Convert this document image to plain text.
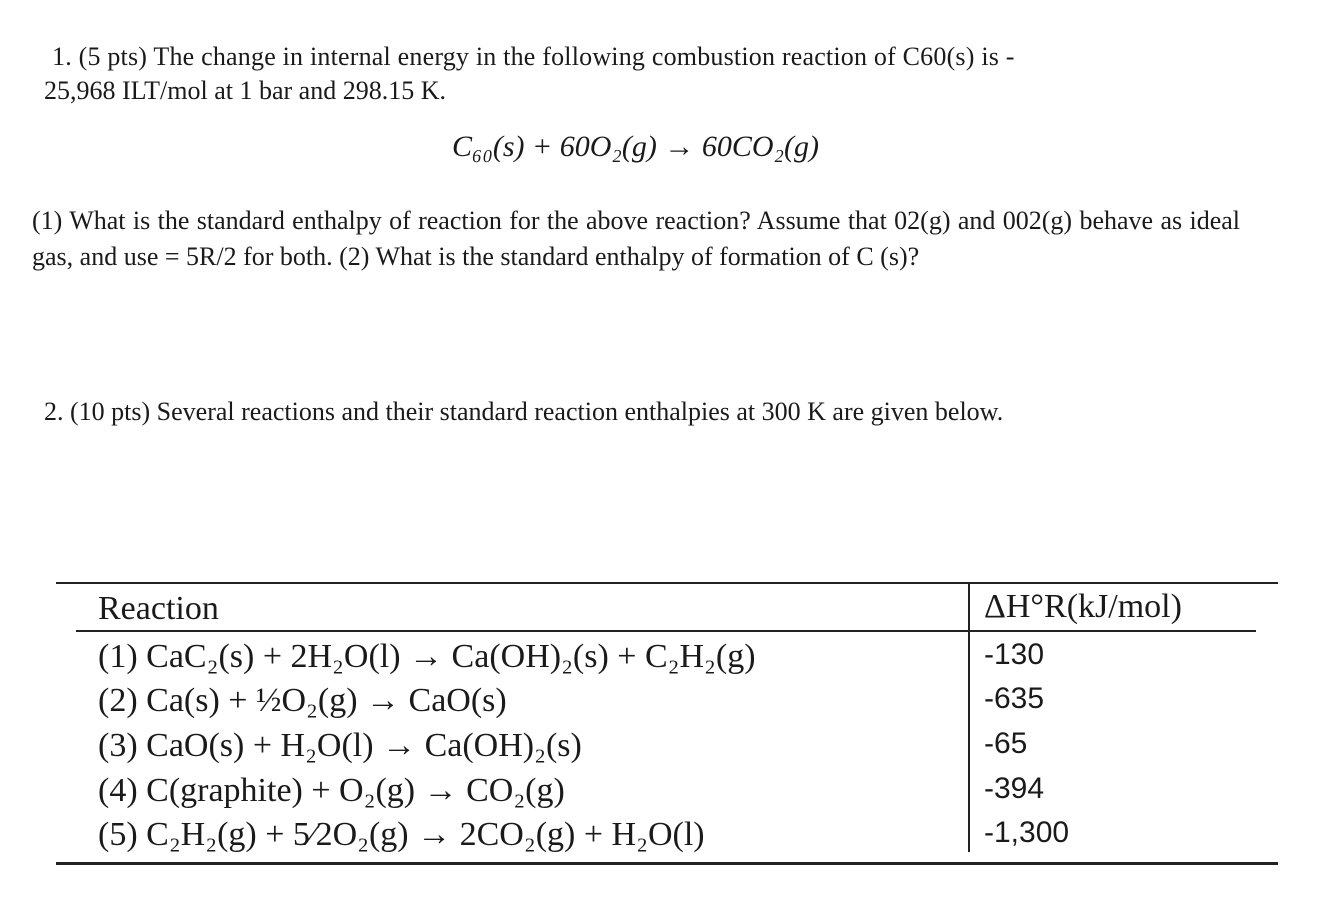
1. (5 pts) The change in internal energy in the following combustion reaction of C60(s) is -
25,968 ILT/mol at 1 bar and 298.15 K.
C₆₀(s) + 60O₂(g) → 60CO₂(g)
(1) What is the standard enthalpy of reaction for the above reaction? Assume that 02(g) and 002(g) behave as ideal gas, and use = 5R/2 for both. (2) What is the standard enthalpy of formation of C (s)?
2. (10 pts) Several reactions and their standard reaction enthalpies at 300 K are given below.
Reaction	ΔH°R(kJ/mol)
(1) CaC₂(s) + 2H₂O(l) → Ca(OH)₂(s) + C₂H₂(g)	-130
(2) Ca(s) + ½O₂(g) → CaO(s)	-635
(3) CaO(s) + H₂O(l) → Ca(OH)₂(s)	-65
(4) C(graphite) + O₂(g) → CO₂(g)	-394
(5) C₂H₂(g) + 5⁄2O₂(g) → 2CO₂(g) + H₂O(l)	-1,300
